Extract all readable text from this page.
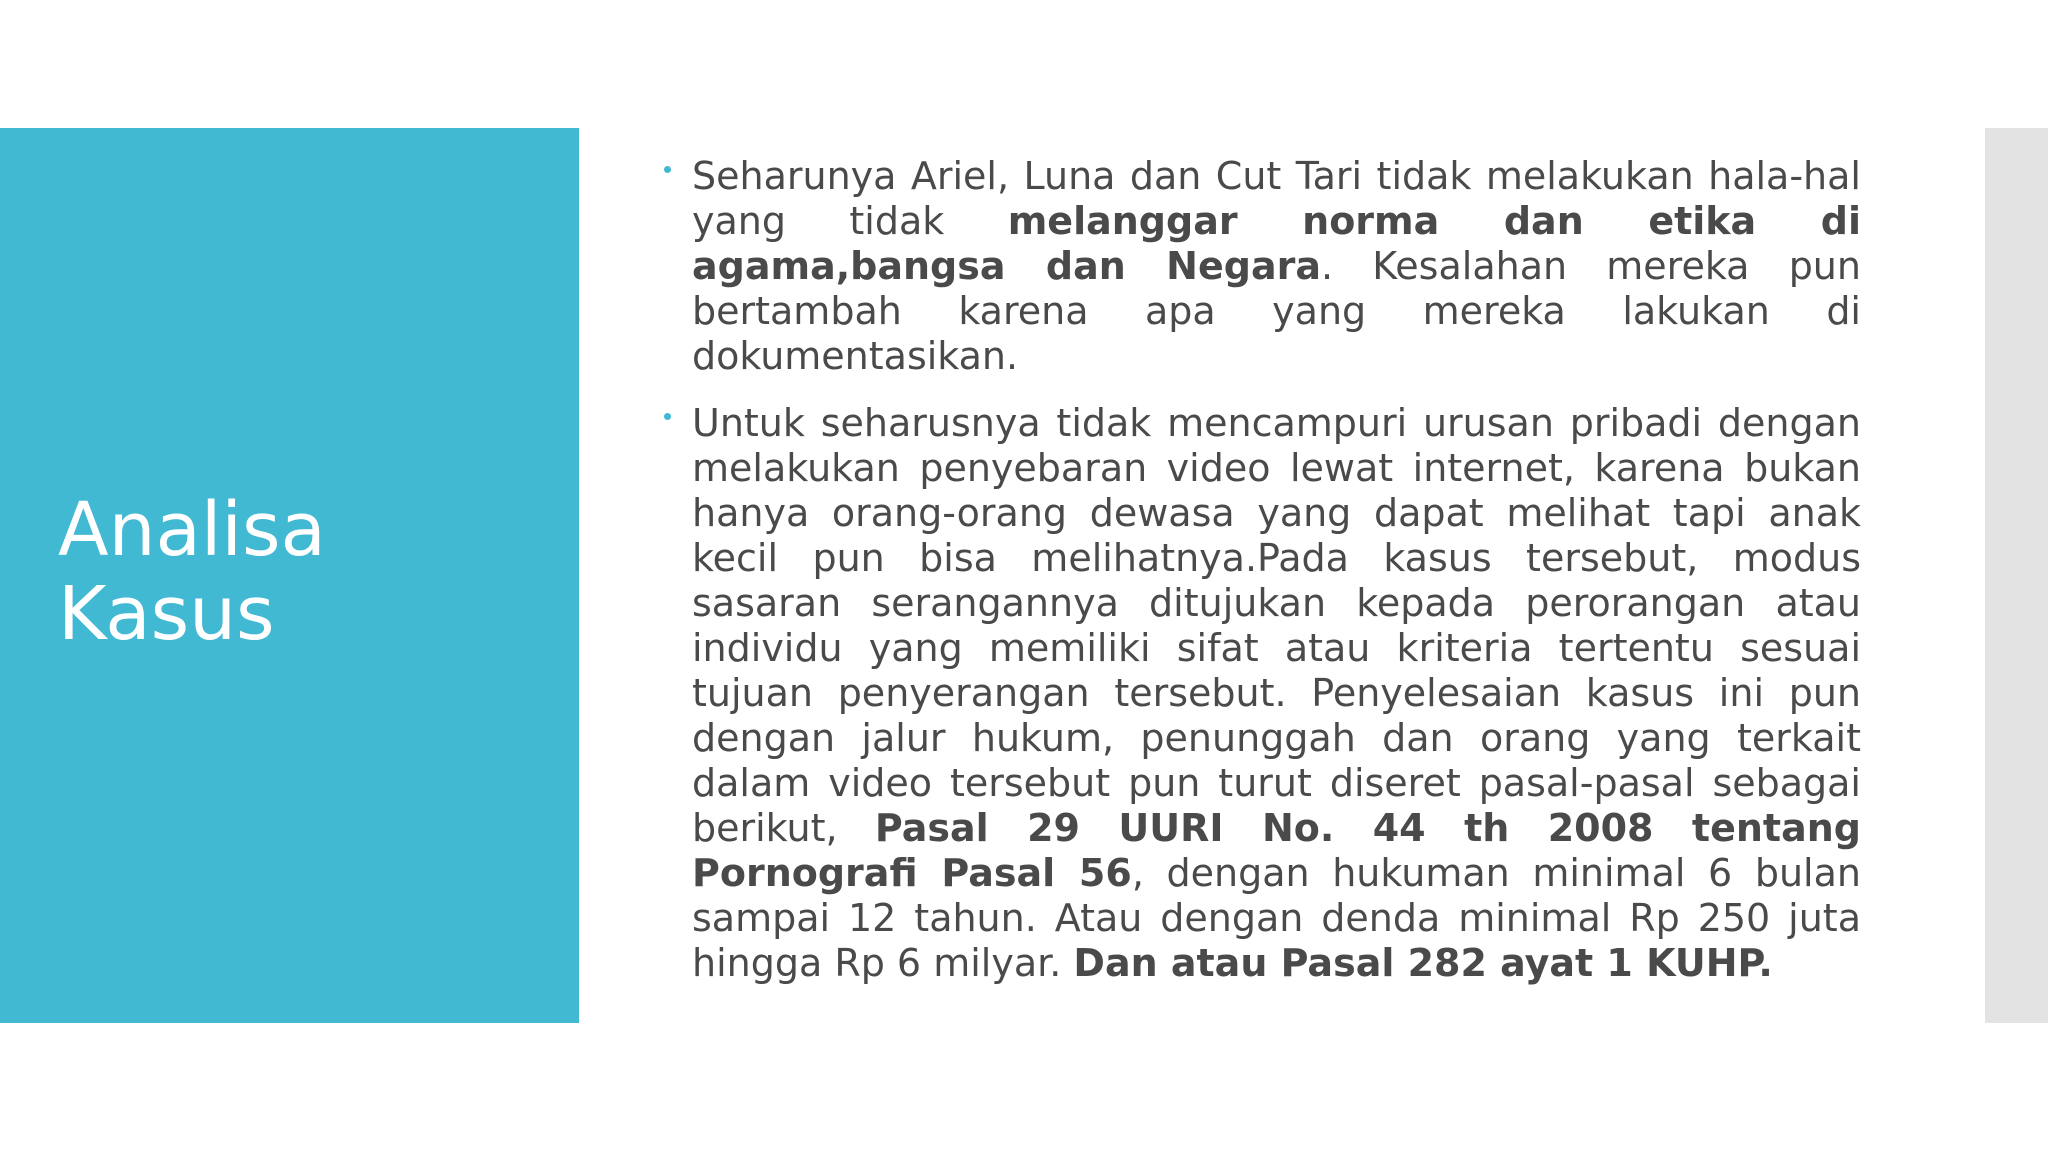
Analisa
Kasus
Seharunya Ariel, Luna dan Cut Tari tidak melakukan hala-hal yang tidak melanggar norma dan etika di agama,bangsa dan Negara. Kesalahan mereka pun bertambah karena apa yang mereka lakukan di dokumentasikan.
Untuk seharusnya tidak mencampuri urusan pribadi dengan melakukan penyebaran video lewat internet, karena bukan hanya orang-orang dewasa yang dapat melihat tapi anak kecil pun bisa melihatnya.Pada kasus tersebut, modus sasaran serangannya ditujukan kepada perorangan atau individu yang memiliki sifat atau kriteria tertentu sesuai tujuan penyerangan tersebut. Penyelesaian kasus ini pun dengan jalur hukum, penunggah dan orang yang terkait dalam video tersebut pun turut diseret pasal-pasal sebagai berikut, Pasal 29 UURI No. 44 th 2008 tentang Pornografi Pasal 56, dengan hukuman minimal 6 bulan sampai 12 tahun. Atau dengan denda minimal Rp 250 juta hingga Rp 6 milyar. Dan atau Pasal 282 ayat 1 KUHP.
